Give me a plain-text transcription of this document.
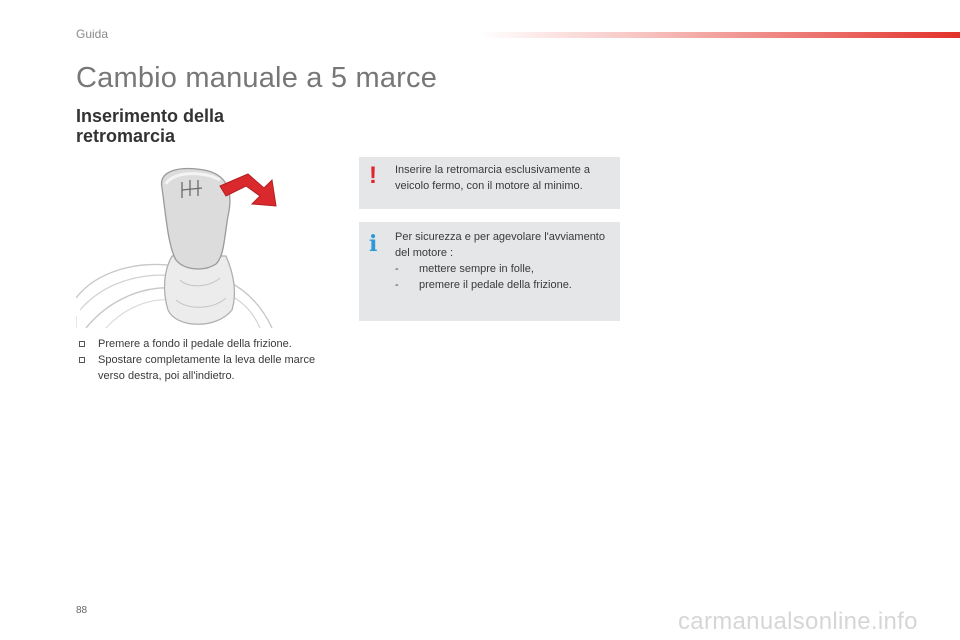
Guida
Cambio manuale a 5 marce
Inserimento della retromarcia
Premere a fondo il pedale della frizione.
Spostare completamente la leva delle marce verso destra, poi all'indietro.
! Inserire la retromarcia esclusivamente a veicolo fermo, con il motore al minimo.
i Per sicurezza e per agevolare l'avviamento del motore :
- mettere sempre in folle,
- premere il pedale della frizione.
88	carmanualsonline.info
